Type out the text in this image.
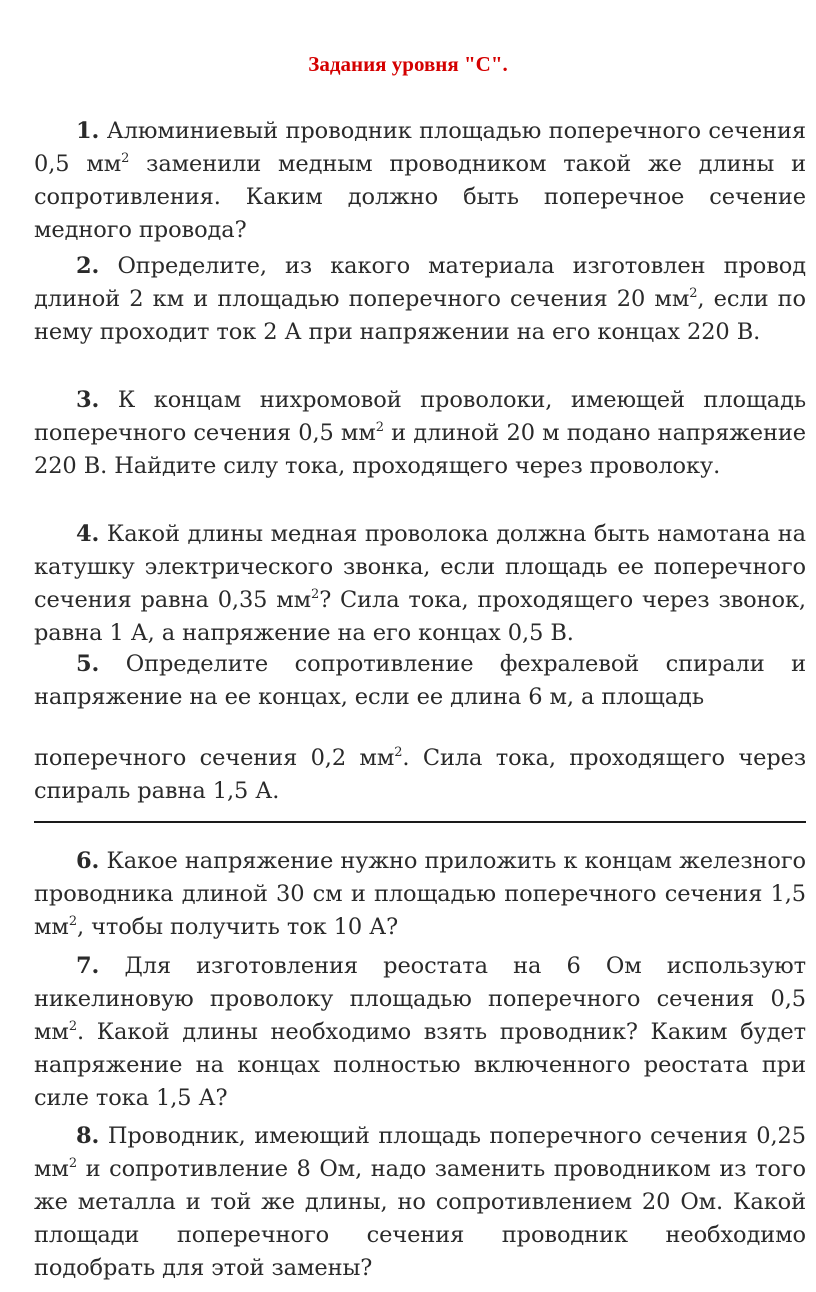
Задания уровня "С".
1. Алюминиевый проводник площадью поперечного сечения 0,5 $мм^2$ заменили медным проводником такой же длины и сопротивления. Каким должно быть поперечное сечение медного провода?
2. Определите, из какого материала изготовлен провод длиной 2 км и площадью поперечного сечения 20 $мм^2$, если по нему проходит ток 2 А при напряжении на его концах 220 В.
3. К концам нихромовой проволоки, имеющей площадь поперечного сечения 0,5 $мм^2$ и длиной 20 м подано напряжение 220 В. Найдите силу тока, проходящего через проволоку.
4. Какой длины медная проволока должна быть намотана на катушку электрического звонка, если площадь ее поперечного сечения равна 0,35 $мм^2$? Сила тока, проходящего через звонок, равна 1 А, а напряжение на его концах 0,5 В.
5. Определите сопротивление фехралевой спирали и напряжение на ее концах, если ее длина 6 м, а площадь
поперечного сечения 0,2 $мм^2$. Сила тока, проходящего через спираль равна 1,5 А.
6. Какое напряжение нужно приложить к концам железного проводника длиной 30 см и площадью поперечного сечения 1,5 $мм^2$, чтобы получить ток 10 А?
7. Для изготовления реостата на 6 Ом используют никелиновую проволоку площадью поперечного сечения 0,5 $мм^2$. Какой длины необходимо взять проводник? Каким будет напряжение на концах полностью включенного реостата при силе тока 1,5 А?
8. Проводник, имеющий площадь поперечного сечения 0,25 $мм^2$ и сопротивление 8 Ом, надо заменить проводником из того же металла и той же длины, но сопротивлением 20 Ом. Какой площади поперечного сечения проводник необходимо подобрать для этой замены?
